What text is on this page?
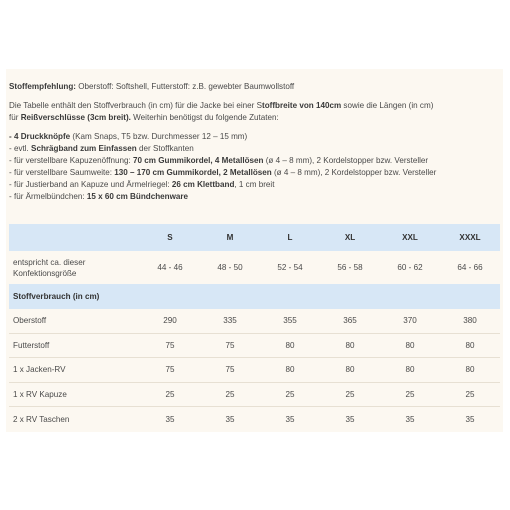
Stoffempfehlung: Oberstoff: Softshell, Futterstoff: z.B. gewebter Baumwollstoff
Die Tabelle enthält den Stoffverbrauch (in cm) für die Jacke bei einer Stoffbreite von 140cm sowie die Längen (in cm)
für Reißverschlüsse (3cm breit). Weiterhin benötigst du folgende Zutaten:
- 4 Druckknöpfe (Kam Snaps, T5 bzw. Durchmesser 12 – 15 mm)
- evtl. Schrägband zum Einfassen der Stoffkanten
- für verstellbare Kapuzenöffnung: 70 cm Gummikordel, 4 Metallösen (ø 4 – 8 mm), 2 Kordelstopper bzw. Versteller
- für verstellbare Saumweite: 130 – 170 cm Gummikordel, 2 Metallösen (ø 4 – 8 mm), 2 Kordelstopper bzw. Versteller
- für Justierband an Kapuze und Ärmelriegel: 26 cm Klettband, 1 cm breit
- für Ärmelbündchen: 15 x 60 cm Bündchenware
	S	M	L	XL	XXL	XXXL
entspricht ca. dieser
Konfektionsgröße	44 - 46	48 - 50	52 - 54	56 - 58	60 - 62	64 - 66
Stoffverbrauch (in cm)						
Oberstoff	290	335	355	365	370	380
Futterstoff	75	75	80	80	80	80
1 x Jacken-RV	75	75	80	80	80	80
1 x RV Kapuze	25	25	25	25	25	25
2 x RV Taschen	35	35	35	35	35	35
